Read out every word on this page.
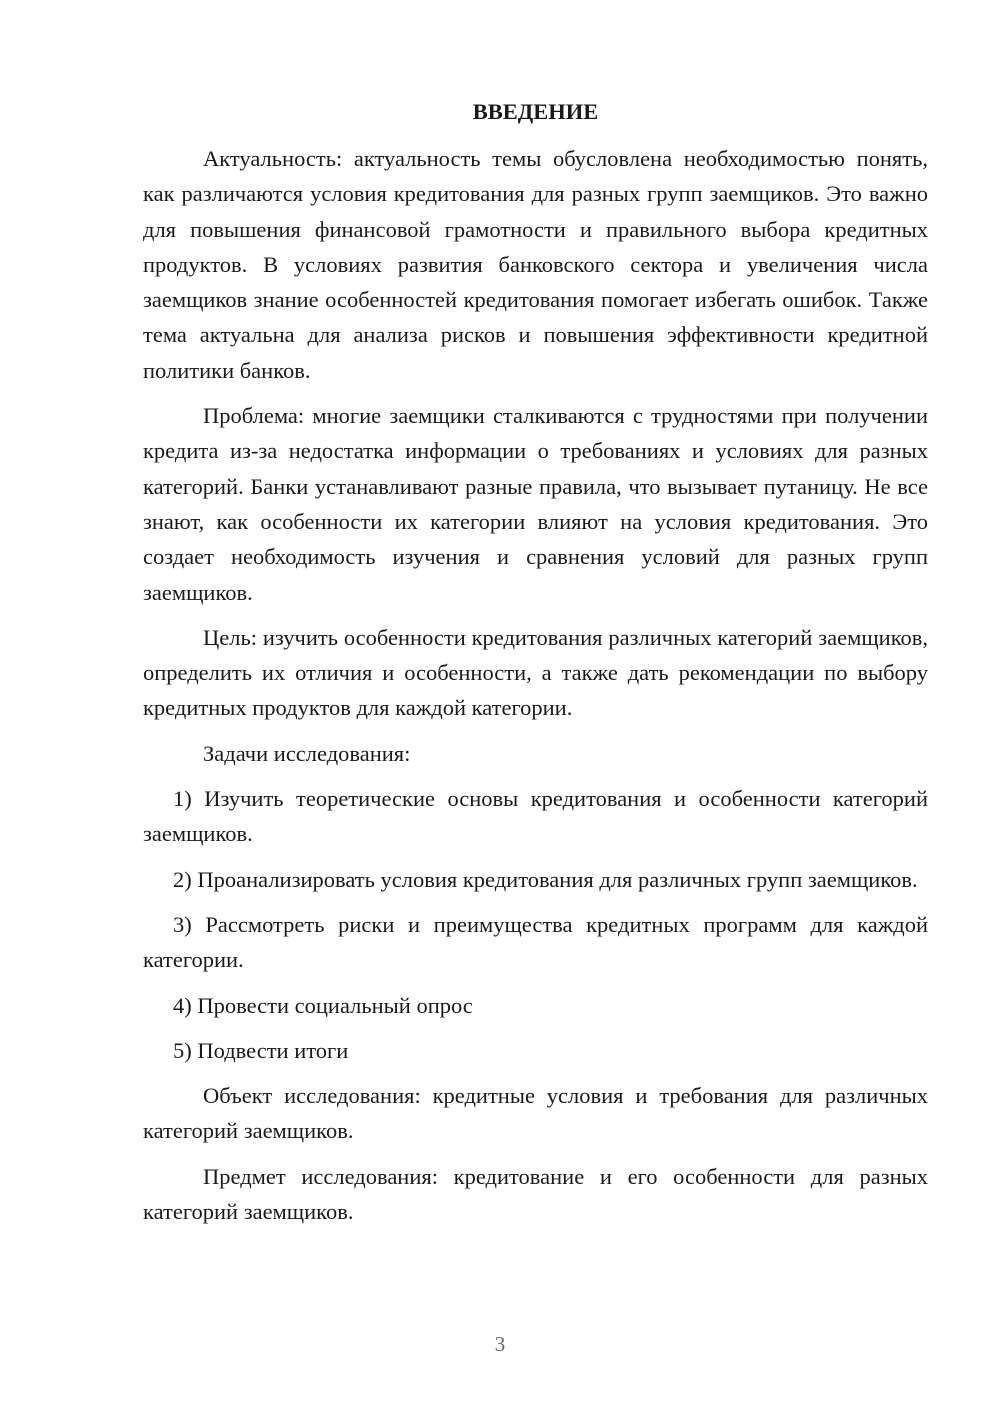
ВВЕДЕНИЕ

Актуальность: актуальность темы обусловлена необходимостью понять, как различаются условия кредитования для разных групп заемщиков. Это важно для повышения финансовой грамотности и правильного выбора кредитных продуктов. В условиях развития банковского сектора и увеличения числа заемщиков знание особенностей кредитования помогает избегать ошибок. Также тема актуальна для анализа рисков и повышения эффективности кредитной политики банков.

Проблема: многие заемщики сталкиваются с трудностями при получении кредита из-за недостатка информации о требованиях и условиях для разных категорий. Банки устанавливают разные правила, что вызывает путаницу. Не все знают, как особенности их категории влияют на условия кредитования. Это создает необходимость изучения и сравнения условий для разных групп заемщиков.

Цель: изучить особенности кредитования различных категорий заемщиков, определить их отличия и особенности, а также дать рекомендации по выбору кредитных продуктов для каждой категории.

Задачи исследования:

1) Изучить теоретические основы кредитования и особенности категорий заемщиков.

2) Проанализировать условия кредитования для различных групп заемщиков.

3) Рассмотреть риски и преимущества кредитных программ для каждой категории.

4) Провести социальный опрос

5) Подвести итоги

Объект исследования: кредитные условия и требования для различных категорий заемщиков.

Предмет исследования: кредитование и его особенности для разных категорий заемщиков.

3
